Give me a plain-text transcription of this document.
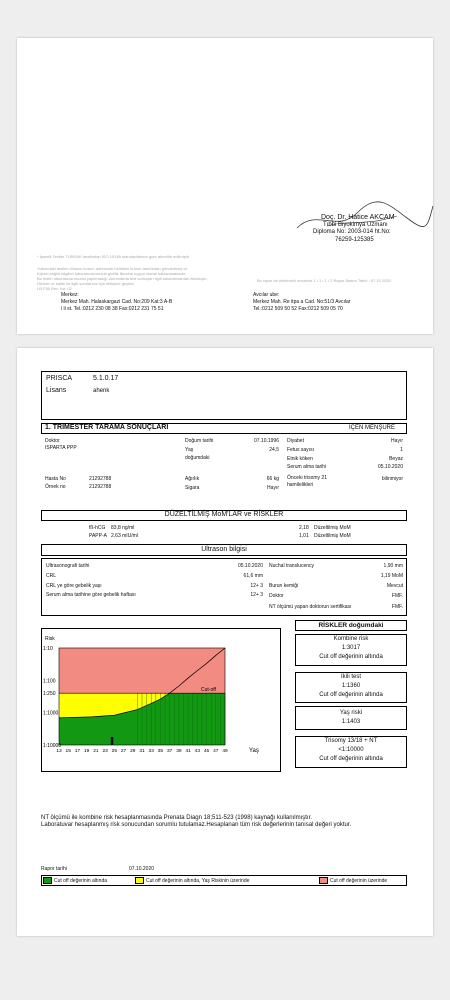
Doç. Dr. Hatice AKCAM
Tıbbi Biyokimya Uzmanı
Diploma No: 2003-014 ht.No:
76259-125385
* İşaretli Testler TÜRKAK tarafından ISO 15189 standardlarına göre akredite edilmiştir.
Yukarıdaki testleri cihazın kurum adresinde belirtilen kurum tarafından gönderilmiş ve
Kişisel sağlık bilgileri laboratuvarımızda gizlilik ilkesine uygun olarak saklanmaktadır.
Bu testin laboratuvarımızda yapılmadığı durumlarda test sonuçları ilgili laboratuvardan alınmıştır.
Hizmet ve kalite ile ilgili sorularınız için iletişime geçiniz.
LB.F56 Rev. No: 02
Bu rapor bir elektronik imzalıdır 1 / 1 / 1 / 2 Rapor Basım Tarihi : 07.10.2020
Merkez:
Merkez Mah. Halaskargazi Cad. No:209 Kat:3 A-B
i li st. Tel.:0212 230 08 38 Fax:0212 231 75 51
Avcılar ube:
Merkez Mah. Re itpa a Cad. No:51/3 Avcılar
Tel.:0212 509 50 52 Fax:0212 509 05 70
PRISCA	5.1.0.17
Lisans	ahenk
1. TRIMESTER TARAMA SONUÇLARI	İÇEN MENŞURE
Doktor
ISPARTA PPP
Hasta No	21292788
Örnek no	21292788
Doğum tarihi	07.10.1996
Yaş	24,5
doğumdaki
Ağırlık	66 kg
Sigara	Hayır
Diyabet	Hayır
Fetus sayısı	1
Etnik köken	Beyaz
Serum alma tarihi	05.10.2020
Önceki trisomy 21
hamilelikleri
bilinmiyor
DÜZELTİLMİŞ MoM'LAR ve RİSKLER
fß-hCG 83,8 ng/ml	2,18 Düzeltilmiş MoM
PAPP-A 2,63 mIU/ml	1,01 Düzeltilmiş MoM
Ultrason bilgisi
Ultrasonografi tarihi	05.10.2020
CRL	61,6 mm
CRL ye göre gebelik yaşı	12+ 3
Serum alma tarihine göre gebelik haftası	12+ 3
Nuchal translucency	1,90 mm
1,19 MoM
Burun kemiği	Mevcut
Doktor	FMF.
NT ölçümü yapan doktorun sertifikası	FMF.
Risk
Yaş
1:10
1:100
1:250
1:1000
1:10000
13 15 17 19 21 23 25 27 29 31 33 35 37 39 41 43 45 47 49
Cut-off
RİSKLER doğumdaki
Kombine risk
1:3017
Cut off değerinin altında
İkili test
1:1360
Cut off değerinin altında
Yaş riski
1:1403
Trisomy 13/18 + NT
<1:10000
Cut off değerinin altında
NT ölçümü ile kombine risk hesaplanmasında Prenata Diagn 18;511-523 (1998) kaynağı kullanılmıştır.
Laboratuvar hesaplanmış risk sonucundan sorumlu tutulamaz.Hesaplanan tüm risk değerlerinin tanısal değeri yoktur.
Rapor tarihi	07.10.2020
Cut off değerinin altında	Cut off değerinin altında, Yaş Riskinin üzerinde	Cut off değerinin üzerinde
